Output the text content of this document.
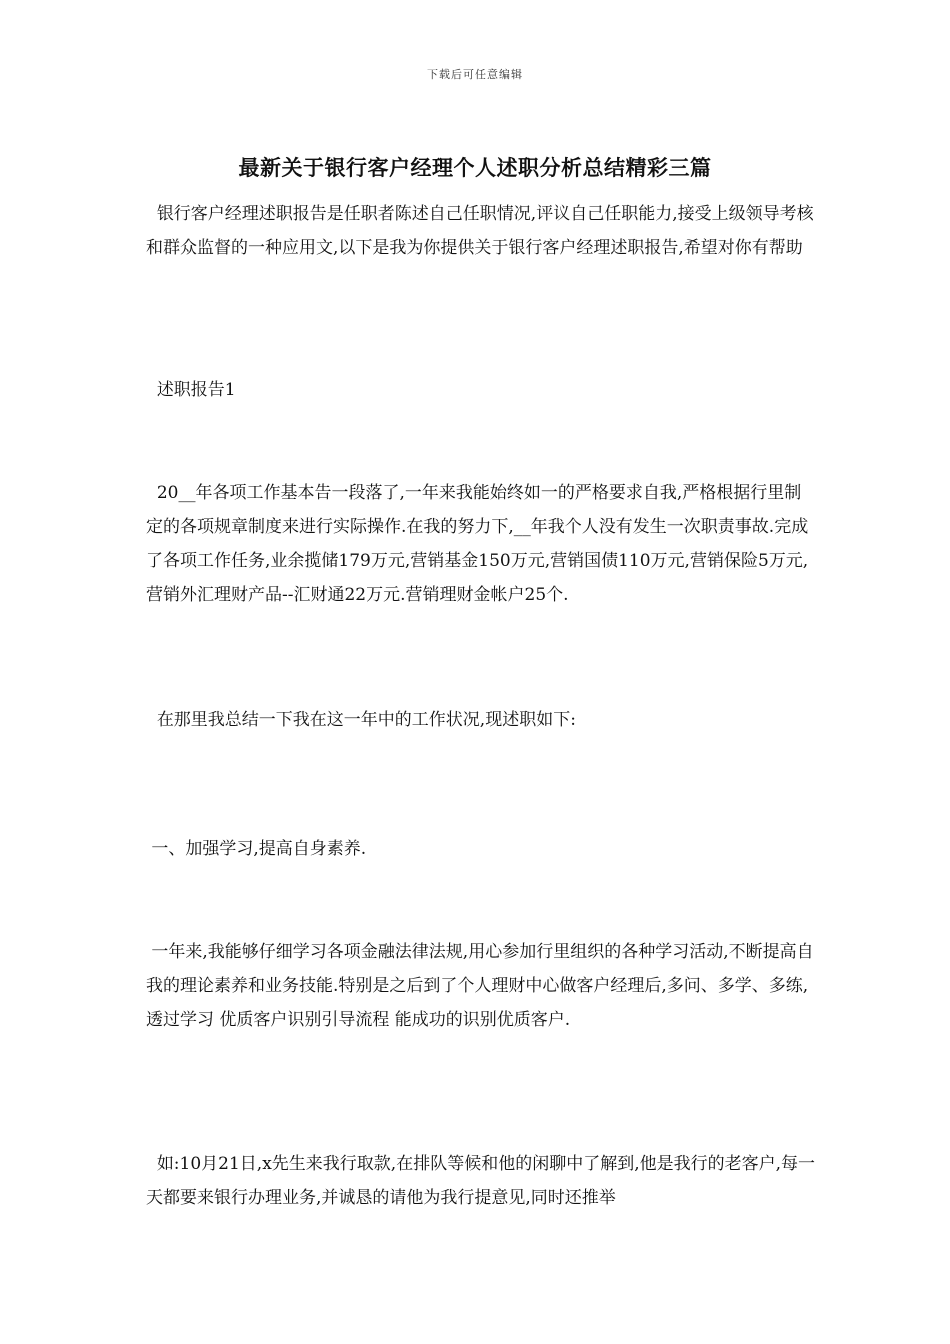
下载后可任意编辑
最新关于银行客户经理个人述职分析总结精彩三篇

银行客户经理述职报告是任职者陈述自己任职情况,评议自己任职能力,接受上级领导考核和群众监督的一种应用文,以下是我为你提供关于银行客户经理述职报告,希望对你有帮助

述职报告1

20__年各项工作基本告一段落了,一年来我能始终如一的严格要求自我,严格根据行里制定的各项规章制度来进行实际操作.在我的努力下,__年我个人没有发生一次职责事故.完成了各项工作任务,业余揽储179万元,营销基金150万元,营销国债110万元,营销保险5万元,营销外汇理财产品--汇财通22万元.营销理财金帐户25个.

在那里我总结一下我在这一年中的工作状况,现述职如下:

一、加强学习,提高自身素养.

一年来,我能够仔细学习各项金融法律法规,用心参加行里组织的各种学习活动,不断提高自我的理论素养和业务技能.特别是之后到了个人理财中心做客户经理后,多问、多学、多练,透过学习 优质客户识别引导流程 能成功的识别优质客户.

如:10月21日,x先生来我行取款,在排队等候和他的闲聊中了解到,他是我行的老客户,每一天都要来银行办理业务,并诚恳的请他为我行提意见,同时还推举
